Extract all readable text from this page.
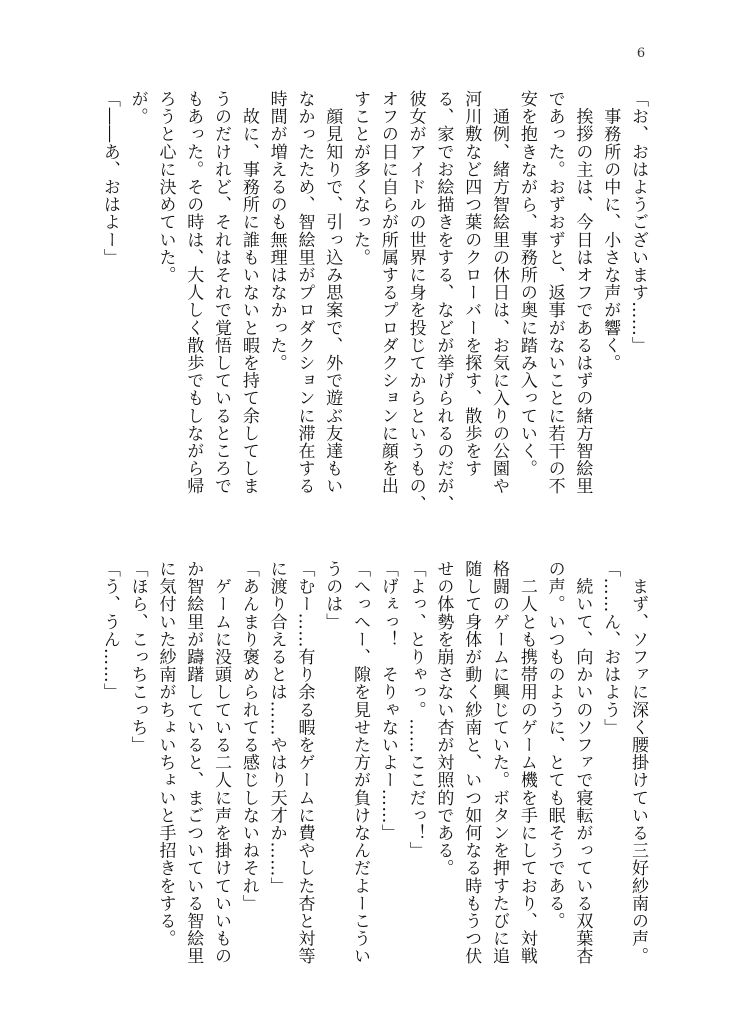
6
「お、おはようございます……」
　事務所の中に、小さな声が響く。
　挨拶の主は、今日はオフであるはずの緒方智絵里
であった。おずおずと、返事がないことに若干の不
安を抱きながら、事務所の奥に踏み入っていく。
　通例、緒方智絵里の休日は、お気に入りの公園や
河川敷など四つ葉のクローバーを探す、散歩をす
る、家でお絵描きをする、などが挙げられるのだが、
彼女がアイドルの世界に身を投じてからというもの、
オフの日に自らが所属するプロダクションに顔を出
すことが多くなった。
　顔見知りで、引っ込み思案で、外で遊ぶ友達もい
なかったため、智絵里がプロダクションに滞在する
時間が増えるのも無理はなかった。
　故に、事務所に誰もいないと暇を持て余してしま
うのだけれど、それはそれで覚悟しているところで
もあった。その時は、大人しく散歩でもしながら帰
ろうと心に決めていた。
が。
「――あ、おはよー」
　まず、ソファに深く腰掛けている三好紗南の声。
「……ん、おはよう」
　続いて、向かいのソファで寝転がっている双葉杏
の声。いつものように、とても眠そうである。
　二人とも携帯用のゲーム機を手にしており、対戦
格闘のゲームに興じていた。ボタンを押すたびに追
随して身体が動く紗南と、いつ如何なる時もうつ伏
せの体勢を崩さない杏が対照的である。
「よっ、とりゃっ。……ここだっ！」
「げぇっ！　そりゃないよー……」
「へっへー、隙を見せた方が負けなんだよーこうい
うのは」
「むー……有り余る暇をゲームに費やした杏と対等
に渡り合えるとは……やはり天才か……」
「あんまり褒められてる感じしないねそれ」
　ゲームに没頭している二人に声を掛けていいもの
か智絵里が躊躇していると、まごついている智絵里
に気付いた紗南がちょいちょいと手招きをする。
「ほら、こっちこっち」
「う、うん……」
